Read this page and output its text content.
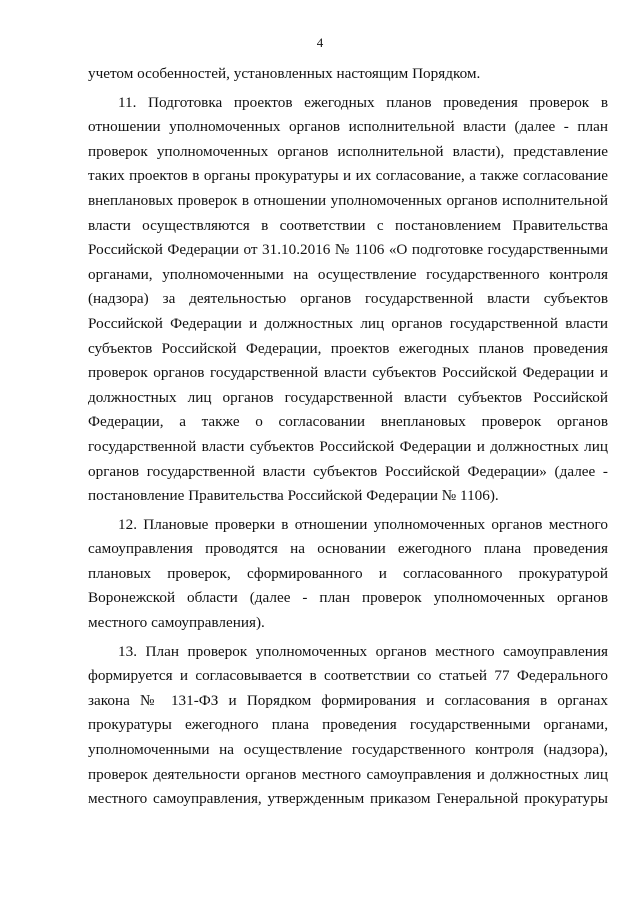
4
учетом особенностей, установленных настоящим Порядком.
11. Подготовка проектов ежегодных планов проведения проверок в
отношении уполномоченных органов исполнительной власти (далее - план
проверок уполномоченных органов исполнительной власти), представление
таких проектов в органы прокуратуры и их согласование, а также согласование
внеплановых проверок в отношении уполномоченных органов исполнительной
власти осуществляются в соответствии с постановлением Правительства
Российской Федерации от 31.10.2016 № 1106 «О подготовке государственными
органами, уполномоченными на осуществление государственного контроля
(надзора) за деятельностью органов государственной власти субъектов
Российской Федерации и должностных лиц органов государственной власти
субъектов Российской Федерации, проектов ежегодных планов проведения
проверок органов государственной власти субъектов Российской Федерации и
должностных лиц органов государственной власти субъектов Российской
Федерации, а также о согласовании внеплановых проверок органов
государственной власти субъектов Российской Федерации и должностных лиц
органов государственной власти субъектов Российской Федерации» (далее -
постановление Правительства Российской Федерации № 1106).
12. Плановые проверки в отношении уполномоченных органов местного
самоуправления проводятся на основании ежегодного плана проведения
плановых проверок, сформированного и согласованного прокуратурой
Воронежской области (далее - план проверок уполномоченных органов
местного самоуправления).
13. План проверок уполномоченных органов местного самоуправления
формируется и согласовывается в соответствии со статьей 77 Федерального
закона № 131-ФЗ и Порядком формирования и согласования в органах
прокуратуры ежегодного плана проведения государственными органами,
уполномоченными на осуществление государственного контроля (надзора),
проверок деятельности органов местного самоуправления и должностных лиц
местного самоуправления, утвержденным приказом Генеральной прокуратуры
